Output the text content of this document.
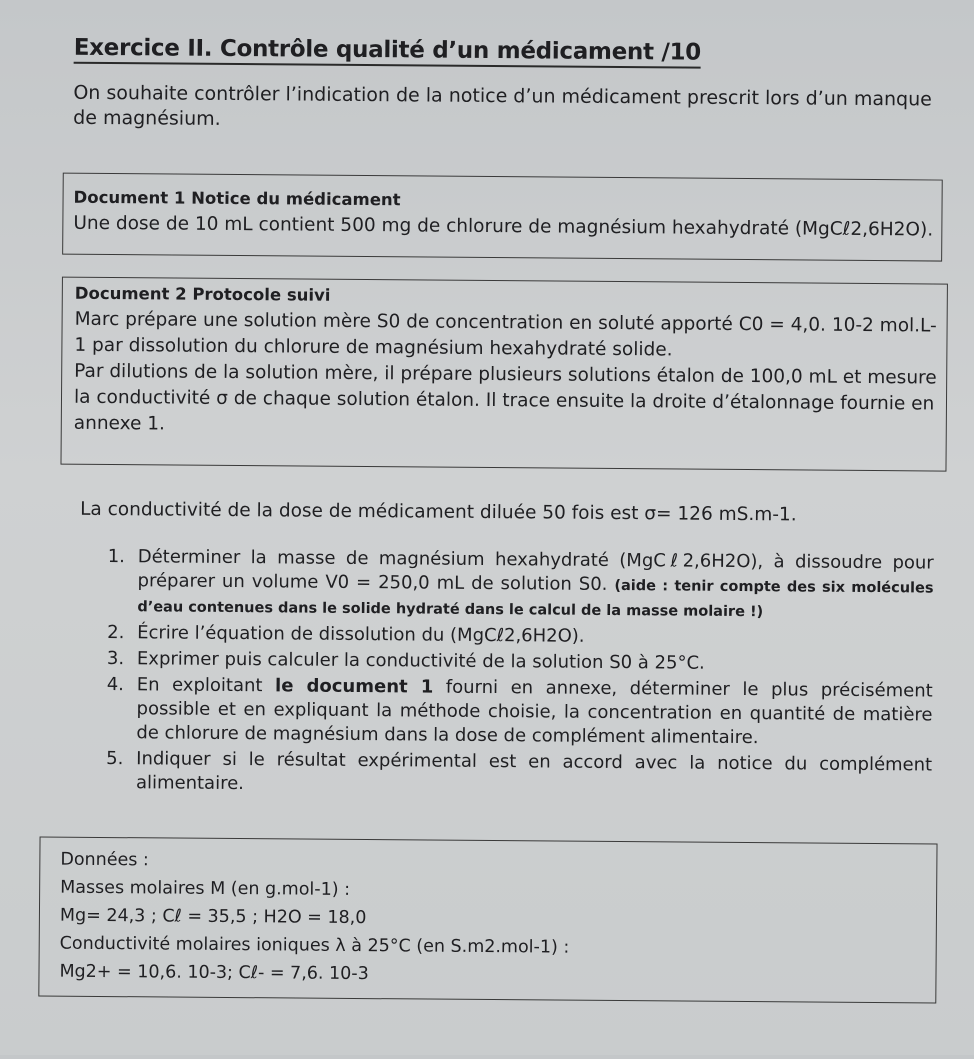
Exercice II. Contrôle qualité d’un médicament /10
On souhaite contrôler l’indication de la notice d’un médicament prescrit lors d’un manque de magnésium.
Document 1 Notice du médicament
Une dose de 10 mL contient 500 mg de chlorure de magnésium hexahydraté (MgCℓ2,6H2O).
Document 2 Protocole suivi
Marc prépare une solution mère S0 de concentration en soluté apporté C0 = 4,0. 10-2 mol.L-1 par dissolution du chlorure de magnésium hexahydraté solide.
Par dilutions de la solution mère, il prépare plusieurs solutions étalon de 100,0 mL et mesure la conductivité σ de chaque solution étalon. Il trace ensuite la droite d’étalonnage fournie en annexe 1.
La conductivité de la dose de médicament diluée 50 fois est σ= 126 mS.m-1.
1. Déterminer la masse de magnésium hexahydraté (MgCℓ2,6H2O), à dissoudre pour préparer un volume V0 = 250,0 mL de solution S0. (aide : tenir compte des six molécules d’eau contenues dans le solide hydraté dans le calcul de la masse molaire !)
2. Écrire l’équation de dissolution du (MgCℓ2,6H2O).
3. Exprimer puis calculer la conductivité de la solution S0 à 25°C.
4. En exploitant le document 1 fourni en annexe, déterminer le plus précisément possible et en expliquant la méthode choisie, la concentration en quantité de matière de chlorure de magnésium dans la dose de complément alimentaire.
5. Indiquer si le résultat expérimental est en accord avec la notice du complément alimentaire.
Données :
Masses molaires M (en g.mol-1) :
Mg= 24,3 ; Cℓ = 35,5 ; H2O = 18,0
Conductivité molaires ioniques λ à 25°C (en S.m2.mol-1) :
Mg2+ = 10,6. 10-3; Cℓ- = 7,6. 10-3
